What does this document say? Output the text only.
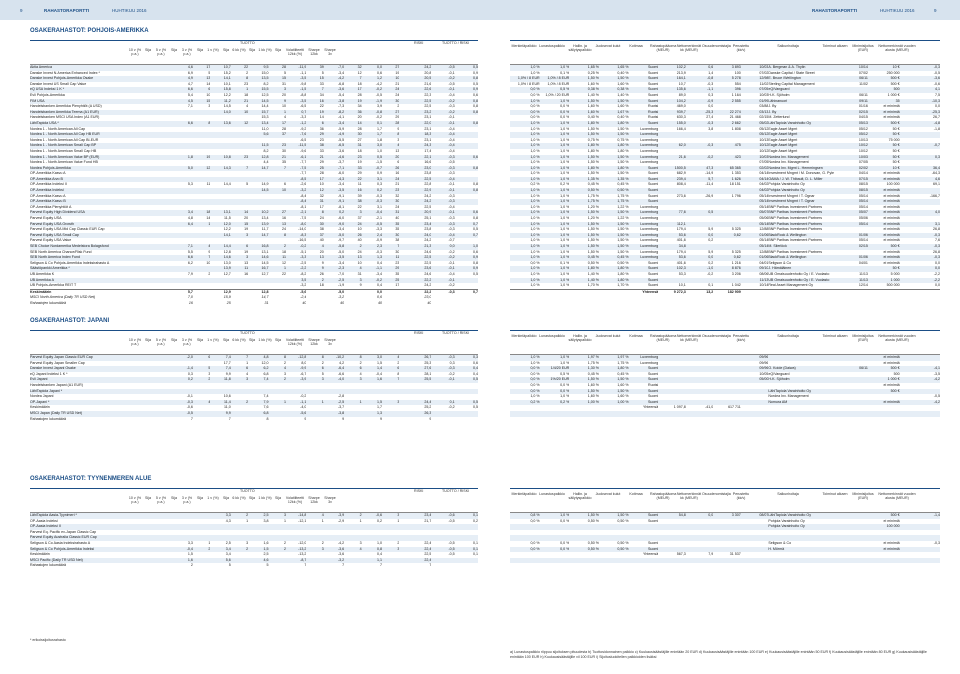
9	RAHASTORAPORTTI	HUHTIKUU 2016	RAHASTORAPORTTI	HUHTIKUU 2016	9
OSAKERAHASTOT: POHJOIS-AMERIKKA
TUOTTO	RISKI	TUOTTO / RISKI
10 v (% p.a.)
Sija	5 v (% p.a.)
Sija	3 v (% p.a.)
Sija	1 v (%)	Sija 6 kk (%) Sija 1 kk (%) Sija	Volatiliteetti 12kk (%)
Sharpe 12kk
Sharpe 3v
Aktia America	4,6	17	10,7	22	9,5	28	-11,9	39	-7,0	32	0,0	27	24,2	-0,5	0,5
Danske Invest N.America Enhanced Index *	6,9	5	15,2	2	15,0	5	-1,1	5	-3,4	12	0,6	19	20,8	-0,1	0,9
Danske Invest Pohjois-Amerikka Osake	4,9	13	14,1	8	13,5	15	-3,5	15	-4,2	7	1,2	10	20,5	-0,2	0,8
Danske Invest US Small Cap Value	4,7	14	10,1	23	8,2	31	-9,8	33	-6,8	18	-4,2	21	21,6	-0,5	0,5
eQ USA Indeksi 1 K *	6,6	6	15,8	1	15,5	3	-1,5	7	-3,6	17	-0,2	24	22,6	-0,1	0,9
Evli Pohjois-Amerikka	5,4	10	12,2	18	12,5	20	-8,8	34	-5,4	28	-0,5	24	22,3	-0,4	0,6
FIM USA	4,5	15	11,2	21	14,5	9	-3,5	16	-3,8	19	-1,9	30	22,5	-0,2	0,8
Handelsbanken Amerikka Pienyhtiöt (A USD)	7,1	3	14,5	4	14,4	10	-6,5	22	-7,3	34	3,9	2	22,5	-0,3	0,8
Handelsbanken Amerikka Teema (A1 EUR)			14,0	10	15,7	1	0,7	19	-8,2	36	-0,8	27	23,2	-0,2	0,8
Handelsbanken MSCI USA Index (A1 EUR)					15,3	4	-3,3	14	-4,1	20	-0,2	29	23,1	-0,1	
LähiTapiola USA *	6,6	8	13,6	12	13,4	17	-1,2	6	-3,4	14	0,1	28	22,0	-0,1	0,8
Nordea 1 - North American All Cap					11,0	28	-9,2	36	-5,9	28	1,7	9	23,1	-0,4	
Nordea 1 - North American All Cap HB EUR					5,6	37	-7,6	29	-4,9	30	1,7	8	18,3	-0,4	
Nordea 1 - North American All Cap BI-EUR							-6,5	23	-5,5	27	1,8	3	23,1	-0,4	
Nordea 1 - North American Small Cap BP					11,5	23	-11,5	38	-6,5	31	3,0	4	24,3	-0,4	
Nordea 1 - North American Small Cap HB					8,2	30	-9,6	33	-3,6	18	1,0	13	17,4	-0,4	
Nordea 1 - North American Value BP (EUR)	1,8	19	10,8	23	12,8	21	-6,1	21	-4,6	23	0,5	20	22,1	-0,3	0,6
Nordea 1 - North American Value Fund HB					4,4	35	-7,7	29	-3,7	19	-1,5	6	16,6	-0,5	
Nordea Pohjois-Amerikka	5,0	12	14,3	7	14,7	7	-7,5	25	-7,1	33	-0,7	26	23,0	-0,3	0,8
OP-Amerikka Kasvu A							-7,7	28	-6,0	29	0,9	16	23,8	-0,3	
OP-Amerikka Arvo B							-8,5	17	-4,3	22	3,1	24	22,5	-0,4	
OP-Amerikka Indeksi II	5,3	11	14,4	5	14,9	6	-2,6	10	-3,4	11	0,3	21	22,8	-0,1	0,8
OP-Amerikka Indeksi					14,5	10	-3,2	12	-3,5	16	0,2	23	22,9	-0,1	0,8
OP-Amerikka Kasvu A							-8,4	32	-9,1	39	-0,3	32	24,2	-0,3	
OP-Amerikka Kasvu B							-8,4	31	-9,1	38	-0,3	30	24,2	-0,3	
OP-Amerikka Pienyhtiöt A							-8,1	17	-8,1	22	3,1	24	22,5	-0,4	
Parvest Equity High Dividend USA	3,4	18	13,1	14	10,2	27	-2,1	8	0,2	3	-0,4	31	20,9	-0,1	0,6
Parvest Equity USA	4,8	14	11,5	20	13,4	16	-7,5	24	-6,0	37	-2,1	40	25,1	-0,3	0,8
Parvest Equity USA Growth	6,4	1	12,0	15	13,9	13	-8,0	30	-9,0	24	-0,5	35	23,4	-0,3	0,7
Parvest Equity USA Mid Cap Classic EUR Cap			12,2	19	11,7	24	-14,0	38	-3,4	10	-3,3	35	23,8	-0,3	0,5
Parvest Equity USA Small Cap			14,1	3	14,7	8	-8,3	37	-5,0	26	2,4	30	24,0	-0,4	0,7
Parvest Equity USA Value							-16,5	40	-9,7	40	-0,9	38	24,2	-0,7	
SEB Choice Nordamerika Medelstora Bolagsfond	7,1	4	14,4	6	16,8	2	-0,2	4	-5,8	2	2,3	7	21,3	0,0	1,0
SEB North America Chance/Risk Fund	5,5	9	12,8	19	13,1	18	-5,1	20	-5,0	24	-0,3	30	24,6	-0,2	0,6
SEB North America Index Fund	6,6	7	14,6	3	14,6	11	-3,3	13	-3,5	13	1,3	11	22,5	-0,2	0,9
Seligson & Co Pohjois-Amerikka Indeksirahasto A	6,2	10	13,0	13	14,5	12	-2,5	9	-3,4	10	0,4	23	22,5	-0,1	0,8
Säästöpankki Amerikka *			13,9	11	16,7	1	-2,2	9	-2,3	4	-1,1	29	23,6	-0,1	0,9
UB Amerikka K	7,9	2	12,7	16	12,7	22	-8,2	26	-7,0	31	-3,4	35	24,6	-0,4	0,5
UB Amerikka A							3,5	2	-2,5	3	-0,2	25	22,2	-0,1	
UB Pohjois-Amerikka REIT T							-3,2	18	-1,9	9	0,4	17	24,2	-0,2	
Keskimäärin	5,7		12,9		12,8		-5,6		-5,0		0,0		22,2	-0,3	0,7
MSCI North America (Daily TR USD Net)	7,0		15,9		14,7		-2,4		-3,2		0,6		23,0		
Rahastojen lukumäärä	16		25		31		40		40		40		40		
OSAKERAHASTOT: JAPANI
TUOTTO	RISKI	TUOTTO / RISKI
10 v (% p.a.)
Sija	5 v (% p.a.)
Sija	3 v (% p.a.)
Sija	1 v (%)	Sija 6 kk (%) Sija 1 kk (%) Sija	Volatiliteetti 12kk (%)
Sharpe 12kk
Sharpe 3v
Parvest Equity Japan Classic EUR Cap	-2,0	6	7,4	7	4,8	8	-12,8	8	-10,2	8	3,0	4	26,7	-0,3	0,3
Parvest Equity Japan Smaller Cap			17,7	1	12,0	2	8,0	2	4,2	2	1,5	2	25,3	0,3	0,6
Danske Invest Japani Osake	-1,4	5	7,4	6	6,2	4	-9,9	6	-6,4	6	1,4	6	27,6	-0,3	0,4
eQ Japani Indeksi 1 K *	0,3	3	9,9	4	6,8	3	-6,7	5	-6,6	4	-0,4	8	28,1	-0,2	0,4
Evli Japani	0,2	2	11,8	3	7,4	2	-3,9	3	-4,0	3	1,6	7	25,5	-0,1	0,5
Handelsbanken Japani (A1 EUR)															
LähiTapiola Japani *															
Nordea Japani	-0,1		10,6		7,4		-0,2		-2,8						
OP-Japani *	-0,3	4	11,4	2	7,9	1	-1,1	1	-2,5	1	1,5	3	24,4	0,1	0,5
Keskimäärin	-0,6		11,0		7,6		-4,0		-3,7		1,7		25,2	-0,2	0,5
MSCI Japan (Daily TR USD Net)	-0,5		9,9		6,8		-5,6		-3,8		1,3		26,3		
Rahastojen lukumäärä	7		7		8		9		9		9		9		
OSAKERAHASTOT: TYYNENMEREN ALUE
TUOTTO	RISKI	TUOTTO / RISKI
10 v (% p.a.)
Sija	5 v (% p.a.)
Sija	3 v (% p.a.)
Sija	1 v (%)	Sija 6 kk (%) Sija 1 kk (%) Sija	Volatiliteetti 12kk (%)
Sharpe 12kk
Sharpe 3v
LähiTapiola Aasia-Tyynimeri *			3,3	2	2,5	3	-14,8	4	-3,9	2	-0,6	3	23,4	-0,6	0,1
OP-Aasia Indeksi			4,3	1	3,8	1	-12,1	1	-2,9	1	0,2	1	21,7	-0,5	0,2
OP-Aasia Indeksi II															
Parvest Eq. Pacific ex-Japan Classic Cap															
Parvest Equity Australia Classic EUR Cap															
Seligson & Co Aasia Indeksirahasto A	3,3	1	2,5	3	1,6	2	-12,0	2	-4,2	3	1,0	2	22,4	-0,5	0,1
Seligson & Co Pohjois-Amerikka Indeksi	-0,4	2	3,4	2	1,5	2	-13,2	3	-3,6	4	0,8	3	22,4	-0,5	0,1
Keskimäärin	1,5		3,4		2,5		-13,2		-3,6		0,4		22,5	-0,5	0,1
MSCI Pacific (Daily TR USD Net)	1,6		5,6		4,6		-8,7		-3,2		1,1		22,4		
Rahastojen lukumäärä	2		5		5		7		7		7		7		
* erikoissijoitusrahasto
Merkintäpalkkio Lunastuspalkkio	Hallin. ja säilytyspalkkio
Juoksevat kulut	Kotimaa	Rahastopääoma (MEUR)
Nettomerkinnät kk (MEUR)
Osuudenomistajia Perustettu (kk/v)
Salkunhoitaja	Toiminut alkaen	Minimisijoitus (EUR)
Nettomerkinnät vuoden alusta (MEUR)
1,0 %	1,0 %	1,65 %	1,65 %	Suomi	102,2	0,6	3 893	10/03	A. Bergman & A. Thylin	10/14	10 €	-0,3
1,0 %	0,1 %	0,25 %	0,40 %	Suomi	213,9	1,4	100	07/02	Danske Capital / State Street	07/02	250 000	-0,5
1,0% / 8 EUR	1,0% / 8 EUR	1,50 %	1,50 %	Suomi	164,1	-0,8	5 278	12/98	E. Bruce /Wellington	06/11	500 €	-3,6
1,0% / 8 EUR	1,0% / 8 EUR	1,60 %	1,60 %	Suomi	10,7	-0,3	554	11/02	Sterling Capital Management	11/02	500 €	-0,6
0,0 %	0,5 %	0,38 %	0,38 %	Suomi	135,6	-1,1	396	07/05	eQ/Vanguard		500	4,1
0,0 %	1,0% / 20 EUR	1,40 %	1,40 %	Suomi	89,0	0,3	1 164	10/03	H-K. Sjöholm	06/11	1 000 €	7,5
1,0 %	1,0 %	1,50 %	1,50 %	Suomi	104,2	-0,9	2 555	01/99	Lähinanuori	09/11	35	-10,3
0,0 %	0,0 %	1,60 %	1,60 %	Ruotsi	469,0	0,0		03/88	J. By	01/16	ei minimiä	0,0
0,0 %	0,0 %	1,60 %	1,67 %	Ruotsi	939,7	-25,3	22 274	03/13	J. By	02/15	ei minimiä	-25,3
0,0 %	0,0 %	0,40 %	0,40 %	Ruotsi	630,3	27,4	21 468	02/15	M. Zetterlund	04/15	ei minimiä	26,7
1,0 %	1,0 %	1,80 %	1,80 %	Suomi	155,0	-0,3	2 662	05/02	LähiTapiola Varainhoito Oy	05/13	500 €	-4,8
1,0 %	1,0 %	1,50 %	1,50 %	Luxemburg	166,4	3,8	1 808	05/12	Eagle Asset Mgmt	05/12	50 €	-1,8
1,0 %	1,0 %	1,50 %	1,50 %	Luxemburg				05/12	Eagle Asset Mgmt	05/12	50 €	
1,0 %	1,0 %	0,75 %	0,75 %	Luxemburg				10/13	Eagle Asset Mgmt	10/13	75 000	
1,0 %	1,0 %	1,80 %	1,80 %	Luxemburg	62,0	-0,3	475	10/12	Eagle Asset Mgmt	10/12	50 €	-0,7
1,0 %	1,0 %	1,80 %	1,80 %	Luxemburg				10/12	Eagle Asset Mgmt	10/12	50 €	
1,0 %	1,0 %	1,50 %	1,50 %	Luxemburg	21,6	-0,2	423	10/03	Nordea Inv. Management	10/03	50 €	0,3
1,0 %	1,0 %	1,50 %	1,50 %	Luxemburg				07/05	Nordea Inv. Management	07/05	50 €	
1,0 %	1,0 %	1,80 %	1,80 %	Suomi	1500,5	47,3	65 365	02/02	Nordea Inv. Mgmt L. Hemmingsen	02/02	10 €	36,4
1,0 %	1,0 %	1,50 %	1,50 %	Suomi	682,9	-14,9	1 353	04/14	Investment Mngmt / M. Donovan, G. Pyle	04/14	ei minimiä	-64,3
1,0 %	1,0 %	1,35 %	1,35 %	Suomi	239,4	5,7	1 626	04/14	OAMA / J. W. Thibault, D. L. Miller	07/15	ei minimiä	4,6
0,2 %	0,2 %	0,45 %	0,45 %	Suomi	808,4	-11,4	18 151	04/02	Pohjola Varainhoito Oy	08/15	100 000	69,1
1,0 %	1,0 %	0,50 %	0,50 %	Suomi				04/02	Pohjola Varainhoito Oy	08/15	ei minimiä	
1,0 %	1,0 %	1,75 %	1,75 %	Suomi	273,6	-26,9	1 796	05/14	Investment Mngmt / T. Ognar	05/14	ei minimiä	-166,7
1,0 %	1,0 %	1,75 %	1,75 %	Suomi				05/14	Investment Mngmt / T. Ognar	05/14	ei minimiä	
1,0 %	1,0 %	1,20 %	1,22 %	Luxemburg				05/14	BNP Paribas Investment Partners	05/14	ei minimiä	
1,0 %	1,0 %	1,50 %	1,50 %	Luxemburg	77,6	0,5		05/07	BNP Paribas Investment Partners	05/07	ei minimiä	4,0
1,0 %	1,0 %	1,20 %	1,22 %	Luxemburg				05/06	BNP Paribas Investment Partners	05/06	ei minimiä	
1,0 %	1,0 %	1,50 %	1,50 %	Luxemburg	112,1			05/14	BNP Paribas Investment Partners	05/14	ei minimiä	3,1
1,0 %	1,0 %	1,50 %	1,50 %	Luxemburg	179,4	5,9	5 325	12/88	BNP Paribas Investment Partners		ei minimiä	26,8
1,0 %	1,0 %	1,50 %	1,50 %	Luxemburg	53,6	0,0	0,62	01/06	BlackRock & Wellington	01/06	ei minimiä	-0,3
1,0 %	1,0 %	1,50 %	1,50 %	Luxemburg	401,6	0,2		05/14	BNP Paribas Investment Partners	05/14	ei minimiä	7,6
1,0 %	1,0 %	1,50 %	1,50 %	Luxemburg	34,8			05/14	M. Silerlöck	02/15	500 €	-0,3
1,0 %	1,0 %	1,50 %	1,50 %	Luxemburg	179,4	5,9	5 325	12/88	BNP Paribas Investment Partners		ei minimiä	26,8
1,0 %	1,0 %	0,45 %	0,45 %	Luxemburg	53,6	0,0	0,62	01/06	BlackRock & Wellington	01/06	ei minimiä	-0,3
0,0 %	0,1 %	0,50 %	0,50 %	Suomi	401,6	0,2	1 216	04/01	Seligson & Co	04/01	ei minimiä	0,0
1,0 %	1,0 %	1,80 %	1,80 %	Suomi	102,3	-1,0	8 876	09/10	J. Hämäläinen		50 €	0,0
1,0 %	1,0 %	1,40 %	1,80 %	Suomi	53,3	-0,2	3 206	08/06	UB Omaisuudenhoito Oy / E. Vuolasto	11/13	5 000	-2,2
1,0 %	1,0 %	1,40 %	1,80 %	Suomi				11/13	UB Omaisuudenhoito Oy / E. Vuolasto	11/13	1 000	-2,2
1,0 %	1,0 %	1,70 %	1,70 %	Suomi	10,1	0,1	1 042	10/14	Real Asset Management Oy	12/14	500 000	0,0
				Yhteensä	9 272,3	13,2	182 909					

Merkintäpalkkio Lunastuspalkkio	Hallin. ja säilytyspalkkio
Juoksevat kulut	Kotimaa	Rahastopääoma (MEUR)
Nettomerkinnät kk (MEUR)
Osuudenomistajia Perustettu (kk/v)
Salkunhoitaja	Toiminut alkaen	Minimisijoitus (EUR)
Nettomerkinnät vuoden alusta (MEUR)
1,0 %	1,0 %	1,97 %	1,97 %	Luxemburg				09/96			ei minimiä	
1,0 %	1,0 %	1,75 %	1,75 %	Luxemburg				09/96			ei minimiä	
0,0 %	1/4/20 EUR	1,30 %	1,80 %	Suomi				09/96	O. Koide (Daiwa)	06/11	500 €	-4,1
0,0 %	0,5 %	0,45 %	0,45 %	Suomi				10/05	eQ/Vanguard		500	-3,5
0,0 %	1%/20 EUR	1,50 %	1,50 %	Suomi				05/00	H-K. Sjöholm		1 000 €	-4,2
0,0 %	0,0 %	1,60 %	1,60 %	Ruotsi							ei minimiä	
0,0 %	0,0 %	1,50 %	1,50 %	Suomi					LähiTapiola Varainhoito Oy		500 €	
1,0 %	1,0 %	1,60 %	1,60 %	Suomi					Nordea Inv. Management			-0,5
0,2 %	0,2 %	1,00 %	1,00 %	Suomi					Nomura AM		ei minimiä	-4,2
				Yhteensä	1 097,8	-41,0	617 711					

Merkintäpalkkio Lunastuspalkkio	Hallin. ja säilytyspalkkio
Juoksevat kulut	Kotimaa	Rahastopääoma (MEUR)
Nettomerkinnät kk (MEUR)
Osuudenomistajia Perustettu (kk/v)
Salkunhoitaja	Toiminut alkaen	Minimisijoitus (EUR)
Nettomerkinnät vuoden alusta (MEUR)
0,8 %	1,0 %	1,50 %	1,50 %	Suomi	54,8	0,0	3 307	08/07	LähiTapiola Varainhoito Oy		500 €	-1,4
0,0 %	0,0 %	0,50 %	0,50 %	Suomi					Pohjola Varainhoito Oy		ei minimiä	
									Pohjola Varainhoito Oy		100 000	

0,0 %	0,0 %	0,50 %	0,50 %	Suomi					Seligson & Co		ei minimiä	-0,3
0,0 %	0,0 %	0,50 %	0,50 %	Suomi					H. Mörmä		ei minimiä	
				Yhteensä	567,3	7,9	31 537					

a) Lunastuspalkkio riippuu sijoituksen pituudesta b) Tuottosidonnainen palkkio c) Kuukausisäästäjille enintään 20 EUR d) Kuukausisäästäjille enintään 100 EUR e) Kuukausisäästäjille enintään 50 EUR f) Kuukausisäästäjille enintään 80 EUR g) Kuukausisäästäjille enintään 100 EUR h) Kuukausisäästäjille vil 100 EUR i) Sijoitusluokitellen palkkioiden lisäksi
